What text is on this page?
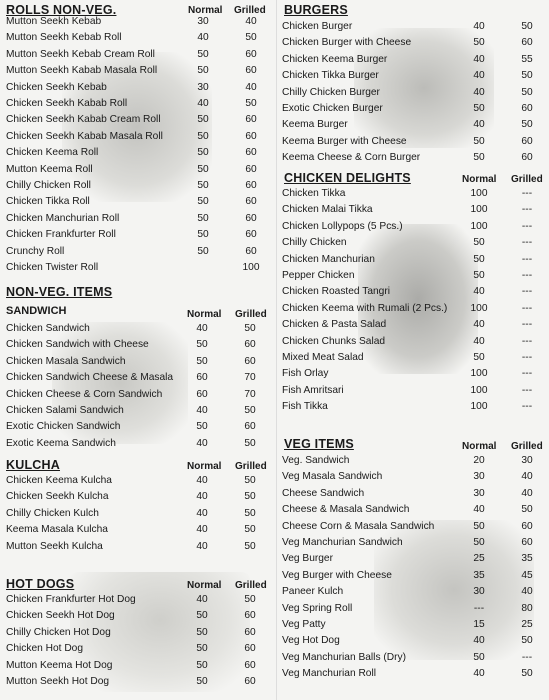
ROLLS NON-VEG.	Normal Grilled
Mutton Seekh Kebab	30	40
Mutton Seekh Kebab Roll	40	50
Mutton Seekh Kebab Cream Roll	50	60
Mutton Seekh Kabab Masala Roll	50	60
Chicken Seekh Kebab	30	40
Chicken Seekh Kabab Roll	40	50
Chicken Seekh Kabab Cream Roll	50	60
Chicken Seekh Kabab Masala Roll	50	60
Chicken Keema Roll	50	60
Mutton Keema Roll	50	60
Chilly Chicken Roll	50	60
Chicken Tikka Roll	50	60
Chicken Manchurian Roll	50	60
Chicken Frankfurter Roll	50	60
Crunchy Roll	50	60
Chicken Twister Roll	100
NON-VEG. ITEMS
SANDWICH	Normal Grilled
Chicken Sandwich	40	50
Chicken Sandwich with Cheese	50	60
Chicken Masala Sandwich	50	60
Chicken Sandwich Cheese & Masala	60	70
Chicken Cheese & Corn Sandwich	60	70
Chicken Salami Sandwich	40	50
Exotic Chicken Sandwich	50	60
Exotic Keema Sandwich	40	50
KULCHA	Normal Grilled
Chicken Keema Kulcha	40	50
Chicken Seekh Kulcha	40	50
Chilly Chicken Kulch	40	50
Keema Masala Kulcha	40	50
Mutton Seekh Kulcha	40	50
HOT DOGS	Normal Grilled
Chicken Frankfurter Hot Dog	40	50
Chicken Seekh Hot Dog	50	60
Chilly Chicken Hot Dog	50	60
Chicken Hot Dog	50	60
Mutton Keema Hot Dog	50	60
Mutton Seekh Hot Dog	50	60
BURGERS
Chicken Burger	40	50
Chicken Burger with Cheese	50	60
Chicken Keema Burger	40	55
Chicken Tikka Burger	40	50
Chilly Chicken Burger	40	50
Exotic Chicken Burger	50	60
Keema Burger	40	50
Keema Burger with Cheese	50	60
Keema Cheese & Corn Burger	50	60
CHICKEN DELIGHTS	Normal Grilled
Chicken Tikka	100	---
Chicken Malai Tikka	100	---
Chicken Lollypops (5 Pcs.)	100	---
Chilly Chicken	50	---
Chicken Manchurian	50	---
Pepper Chicken	50	---
Chicken Roasted Tangri	40	---
Chicken Keema with Rumali (2 Pcs.)	100	---
Chicken & Pasta Salad	40	---
Chicken Chunks Salad	40	---
Mixed Meat Salad	50	---
Fish Orlay	100	---
Fish Amritsari	100	---
Fish Tikka	100	---
VEG ITEMS	Normal Grilled
Veg. Sandwich	20	30
Veg Masala Sandwich	30	40
Cheese Sandwich	30	40
Cheese & Masala Sandwich	40	50
Cheese Corn & Masala Sandwich	50	60
Veg Manchurian Sandwich	50	60
Veg Burger	25	35
Veg Burger with Cheese	35	45
Paneer Kulch	30	40
Veg Spring Roll	---	80
Veg Patty	15	25
Veg Hot Dog	40	50
Veg Manchurian Balls (Dry)	50	---
Veg Manchurian Roll	40	50
